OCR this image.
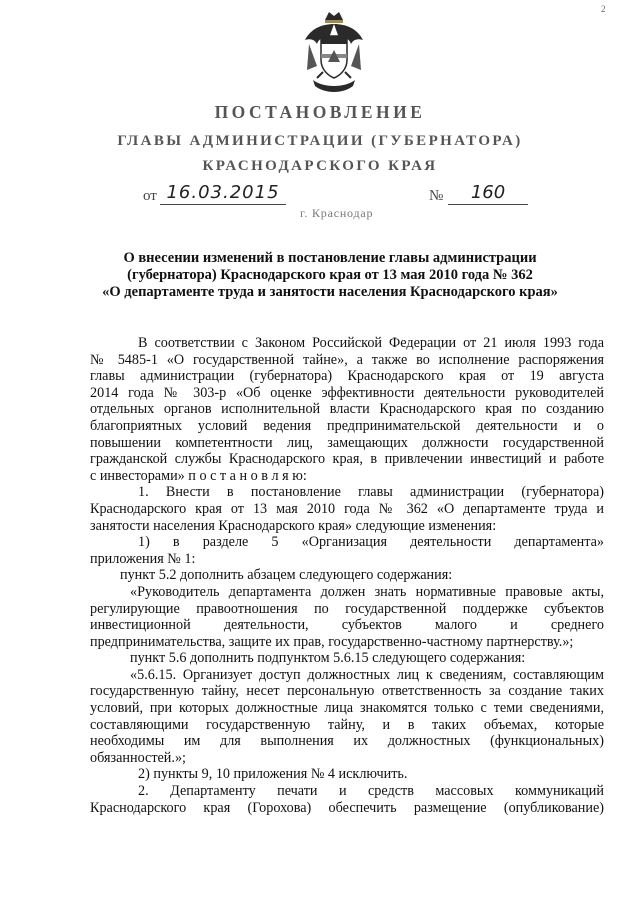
2
ПОСТАНОВЛЕНИЕ
ГЛАВЫ АДМИНИСТРАЦИИ (ГУБЕРНАТОРА)
КРАСНОДАРСКОГО КРАЯ
от 16.03.2015	№	160
г. Краснодар
О внесении изменений в постановление главы администрации
(губернатора) Краснодарского края от 13 мая 2010 года № 362
«О департаменте труда и занятости населения Краснодарского края»

В соответствии с Законом Российской Федерации от 21 июля 1993 года

№ 5485-1 «О государственной тайне», а также во исполнение распоряжения

главы администрации (губернатора) Краснодарского края от 19 августа

2014 года № 303-р «Об оценке эффективности деятельности руководителей

отдельных органов исполнительной власти Краснодарского края по созданию

благоприятных условий ведения предпринимательской деятельности и о

повышении компетентности лиц, замещающих должности государственной

гражданской службы Краснодарского края, в привлечении инвестиций и работе

с инвесторами» п о с т а н о в л я ю:

1. Внести в постановление главы администрации (губернатора)

Краснодарского края от 13 мая 2010 года № 362 «О департаменте труда и

занятости населения Краснодарского края» следующие изменения:

1) в разделе 5 «Организация деятельности департамента»

приложения № 1:

пункт 5.2 дополнить абзацем следующего содержания:

«Руководитель департамента должен знать нормативные правовые акты,

регулирующие правоотношения по государственной поддержке субъектов

инвестиционной деятельности, субъектов малого и среднего

предпринимательства, защите их прав, государственно-частному партнерству.»;

пункт 5.6 дополнить подпунктом 5.6.15 следующего содержания:

«5.6.15. Организует доступ должностных лиц к сведениям, составляющим

государственную тайну, несет персональную ответственность за создание таких

условий, при которых должностные лица знакомятся только с теми сведениями,

составляющими государственную тайну, и в таких объемах, которые

необходимы им для выполнения их должностных (функциональных)

обязанностей.»;

2) пункты 9, 10 приложения № 4 исключить.

2. Департаменту печати и средств массовых коммуникаций

Краснодарского края (Горохова) обеспечить размещение (опубликование)
